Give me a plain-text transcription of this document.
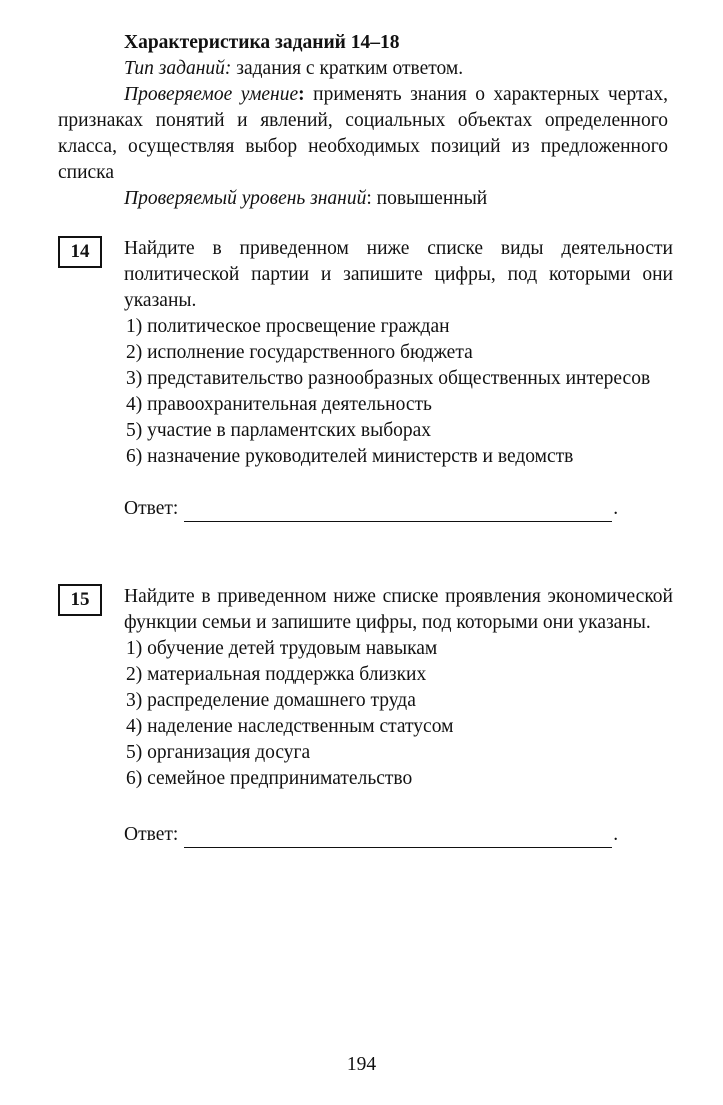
Характеристика заданий 14–18
Тип заданий: задания с кратким ответом.
Проверяемое умение: применять знания о характерных чертах, признаках понятий и явлений, социальных объектах определенного класса, осуществляя выбор необходимых позиций из предложенного списка
Проверяемый уровень знаний: повышенный
14	Найдите в приведенном ниже списке виды деятельности политической партии и запишите цифры, под которыми они указаны.
1) политическое просвещение граждан
2) исполнение государственного бюджета
3) представительство разнообразных общественных интересов
4) правоохранительная деятельность
5) участие в парламентских выборах
6) назначение руководителей министерств и ведомств
Ответ:	.
15	Найдите в приведенном ниже списке проявления экономической функции семьи и запишите цифры, под которыми они указаны.
1) обучение детей трудовым навыкам
2) материальная поддержка близких
3) распределение домашнего труда
4) наделение наследственным статусом
5) организация досуга
6) семейное предпринимательство
Ответ:	.
194
